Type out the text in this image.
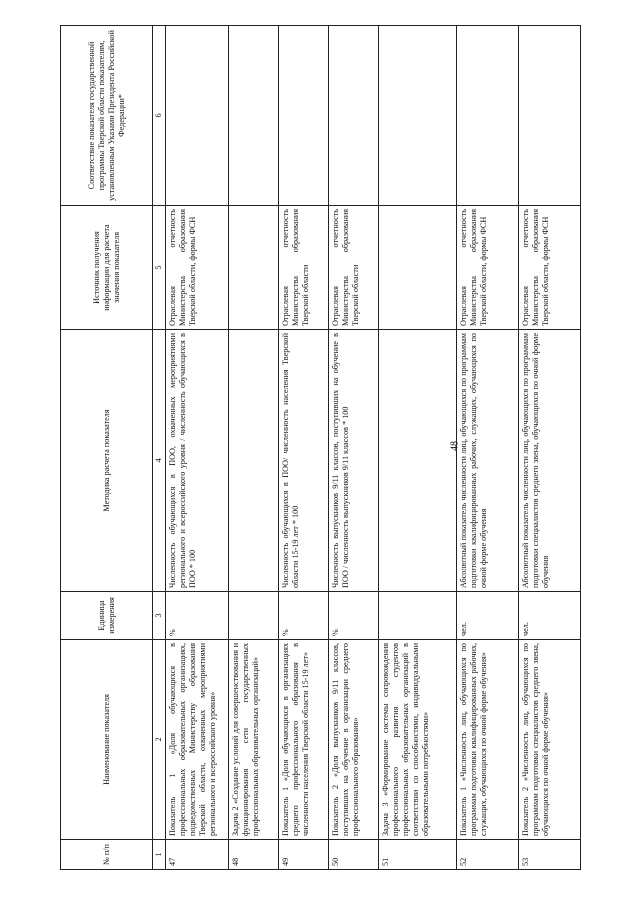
48
№ п/п	Наименование показателя	Единица измерения	Методика расчета показателя	Источник получения информации для расчета значения показателя	Соответствие показателя государственной программы Тверской области показателям, установленным Указами Президента Российской Федерации*
1	2	3	4	5	6
47	Показатель 1 «Доля обучающихся в профессиональных образовательных организациях, подведомственных Министерству образования Тверской области, охваченных мероприятиями регионального и всероссийского уровня»	%	Численность обучающихся в ПОО, охваченных мероприятиями регионального и всероссийского уровня / численность обучающихся в ПОО * 100	Отраслевая отчетность Министерства образования Тверской области, формы ФСН	
48	Задача 2 «Создание условий для совершенствования и функционирования сети государственных профессиональных образовательных организаций»				
49	Показатель 1 «Доля обучающихся в организациях среднего профессионального образования в численности населения Тверской области 15-19 лет»	%	Численность обучающихся в ПОО/ численность населения Тверской области 15-19 лет * 100	Отраслевая отчетность Министерства образования Тверской области	
50	Показатель 2 «Доля выпускников 9/11 классов, поступивших на обучение в организации среднего профессионального образования»	%	Численность выпускников 9/11 классов, поступивших на обучение в ПОО / численность выпускников 9/11 классов * 100	Отраслевая отчетность Министерства образования Тверской области	
51	Задача 3 «Формирование системы сопровождения профессионального развития студентов профессиональных образовательных организаций в соответствии со способностями, индивидуальными образовательными потребностями»				
52	Показатель 1 «Численность лиц, обучающихся по программам подготовки квалифицированных рабочих, служащих, обучающихся по очной форме обучения»	чел.	Абсолютный показатель численности лиц, обучающихся по программам подготовки квалифицированных рабочих, служащих, обучающихся по очной форме обучения	Отраслевая отчетность Министерства образования Тверской области, формы ФСН	
53	Показатель 2 «Численность лиц, обучающихся по программам подготовки специалистов среднего звена, обучающихся по очной форме обучения»	чел.	Абсолютный показатель численности лиц, обучающихся по программам подготовки специалистов среднего звена, обучающихся по очной форме обучения	Отраслевая отчетность Министерства образования Тверской области, формы ФСН	
